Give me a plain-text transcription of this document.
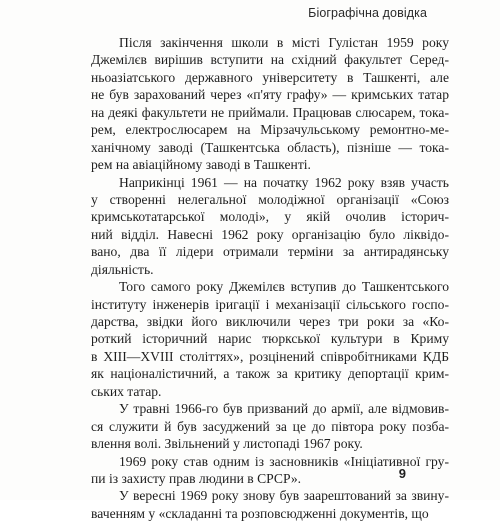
Біографічна довідка
Після закінчення школи в місті Гулістан 1959 року
Джемілєв вирішив вступити на східний факультет Серед-
ньоазіатського державного університету в Ташкенті, але
не був зарахований через «п'яту графу» — кримських татар
на деякі факультети не приймали. Працював слюсарем, тока-
рем, електрослюсарем на Мірзачульському ремонтно-ме-
ханічному заводі (Ташкентська область), пізніше — тока-
рем на авіаційному заводі в Ташкенті.
Наприкінці 1961 — на початку 1962 року взяв участь
у створенні нелегальної молодіжної організації «Союз
кримськотатарської молоді», у якій очолив історич-
ний відділ. Навесні 1962 року організацію було ліквідо-
вано, два її лідери отримали терміни за антирадянську
діяльність.
Того самого року Джемілєв вступив до Ташкентського
інституту інженерів іригації і механізації сільського госпо-
дарства, звідки його виключили через три роки за «Ко-
роткий історичний нарис тюркської культури в Криму
в XIII—XVIII століттях», розцінений співробітниками КДБ
як націоналістичний, а також за критику депортації крим-
ських татар.
У травні 1966-го був призваний до армії, але відмовив-
ся служити й був засуджений за це до півтора року позба-
влення волі. Звільнений у листопаді 1967 року.
1969 року став одним із засновників «Ініціативної гру-
пи із захисту прав людини в СРСР».
У вересні 1969 року знову був заарештований за звину-
ваченням у «складанні та розповсюдженні документів, що
9
